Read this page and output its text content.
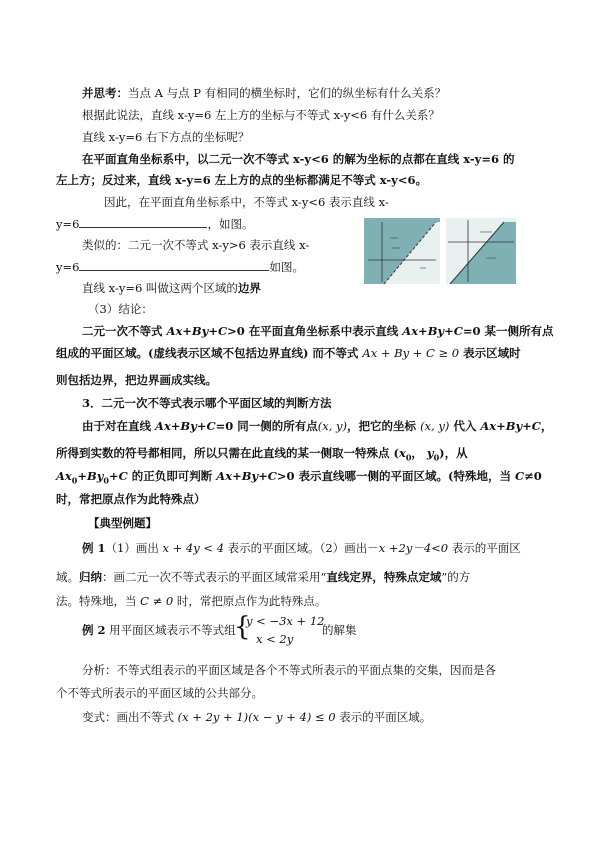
并思考：当点 A 与点 P 有相同的横坐标时，它们的纵坐标有什么关系？
根据此说法，直线 x-y=6 左上方的坐标与不等式 x-y<6 有什么关系？
直线 x-y=6 右下方点的坐标呢？
在平面直角坐标系中，以二元一次不等式 x-y<6 的解为坐标的点都在直线 x-y=6 的
左上方；反过来，直线 x-y=6 左上方的点的坐标都满足不等式 x-y<6。
因此，在平面直角坐标系中，不等式 x-y<6 表示直线 x-
y=6	，如图。
类似的：二元一次不等式 x-y>6 表示直线 x-
y=6	如图。
直线 x-y=6 叫做这两个区域的边界
（3）结论：
二元一次不等式 Ax+By+C>0 在平面直角坐标系中表示直线 Ax+By+C=0 某一侧所有点
组成的平面区域。(虚线表示区域不包括边界直线) 而不等式 Ax + By + C ≥ 0 表示区域时
则包括边界，把边界画成实线。
3．二元一次不等式表示哪个平面区域的判断方法
由于对在直线 Ax+By+C=0 同一侧的所有点(x, y)，把它的坐标 (x, y) 代入 Ax+By+C，
所得到实数的符号都相同，所以只需在此直线的某一侧取一特殊点 ($x_0$， $y_0$)，从
$Ax_0+By_0+C$ 的正负即可判断 Ax+By+C>0 表示直线哪一侧的平面区域。(特殊地，当 C≠0
时，常把原点作为此特殊点）
【典型例题】
例 1（1）画出 x + 4y < 4 表示的平面区域。（2）画出－x +2y－4<0 表示的平面区
域。归纳：画二元一次不等式表示的平面区域常采用“直线定界，特殊点定域”的方
法。特殊地，当 C ≠ 0 时，常把原点作为此特殊点。
例 2 用平面区域表示不等式组
{
y < −3x + 12
x < 2y
的解集
分析：不等式组表示的平面区域是各个不等式所表示的平面点集的交集，因而是各
个不等式所表示的平面区域的公共部分。
变式：画出不等式 (x + 2y + 1)(x − y + 4) ≤ 0 表示的平面区域。
